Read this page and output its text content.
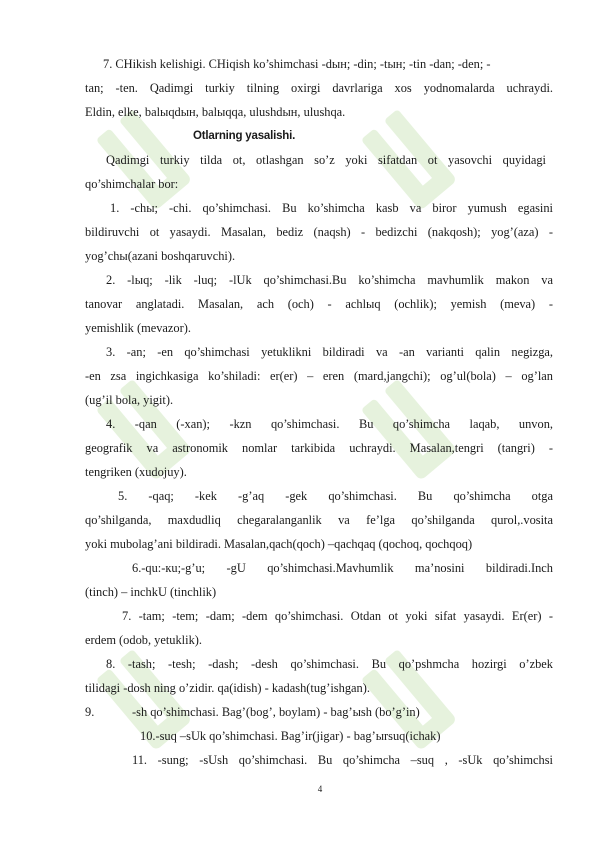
7. CHikish kelishigi. CHiqish ko’shimchasi -dын; -din; -tын; -tin -dan; -den; -
tan; -ten. Qadimgi turkiy tilning oxirgi davrlariga xos yodnomalarda uchraydi.
Eldin, elke, balыqdын, balыqqa, ulushdын, ulushqa.
Otlarning yasalishi.
Qadimgi turkiy tilda ot, otlashgan so’z yoki sifatdan ot yasovchi quyidagi
qo’shimchalar bor:
1. -chы; -chi. qo’shimchasi. Bu ko’shimcha kasb va biror yumush egasini
bildiruvchi ot yasaydi. Masalan, bediz (naqsh) - bedizchi (nakqosh); yog’(aza) -
yog’chы(azani boshqaruvchi).
2. -lыq; -lik -luq; -lUk qo’shimchasi.Bu ko’shimcha mavhumlik makon va
tanovar anglatadi. Masalan, ach (och) - achlыq (ochlik); yemish (meva) -
yemishlik (mevazor).
3. -an; -en qo’shimchasi yetuklikni bildiradi va -an varianti qalin negizga,
-en zsa ingichkasiga ko’shiladi: er(er) – eren (mard,jangchi); og’ul(bola) – og’lan
(ug’il bola, yigit).
4. -qan (-xan); -kzn qo’shimchasi. Bu qo’shimcha laqab, unvon,
geografik va astronomik nomlar tarkibida uchraydi. Masalan,tengri (tangri) -
tengriken (xudojuy).
5. -qaq; -kek -g’aq -gek qo’shimchasi. Bu qo’shimcha otga
qo’shilganda, maxdudliq chegaralanganlik va fe’lga qo’shilganda qurol,.vosita
yoki mubolag’ani bildiradi. Masalan,qach(qoch) –qachqaq (qochoq, qochqoq)
6.-qu:-кu;-g’u; -gU qo’shimchasi.Mavhumlik ma’nosini bildiradi.Inch
(tinch) – inchkU (tinchlik)
7. -tam; -tem; -dam; -dem qo’shimchasi. Otdan ot yoki sifat yasaydi. Er(er) -
erdem (odob, yetuklik).
8. -tash; -tesh; -dash; -desh qo’shimchasi. Bu qo’pshmcha hozirgi o’zbek
tilidagi -dosh ning o’zidir. qa(idish) - kadash(tug’ishgan).
9.	-sh qo’shimchasi. Bag’(bog’, boylam) - bag’ыsh (bo’g’in)
10.-suq –sUk qo’shimchasi. Bag’ir(jigar) - bag’ыrsuq(ichak)
11. -sung; -sUsh qo’shimchasi. Bu qo’shimcha –suq , -sUk qo’shimchsi
4
